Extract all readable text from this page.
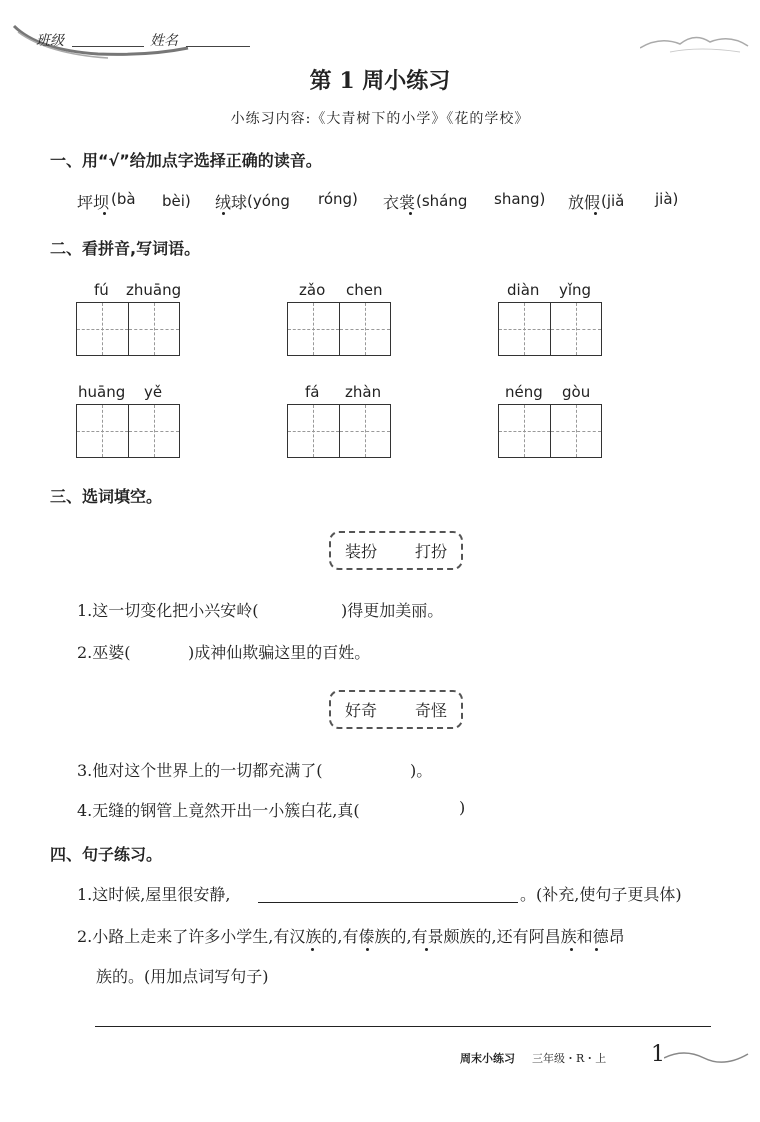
班级	姓名
第 1 周小练习
小练习内容:《大青树下的小学》《花的学校》
一、用“√”给加点字选择正确的读音。
坪坝 (bà bèi) 绒球 (yóng róng) 衣裳 (sháng shang) 放假 (jiǎ jià)
二、看拼音,写词语。
fú zhuāng	zǎo chen	diàn yǐng
huāng yě	fá zhàn	néng gòu
三、选词填空。
装扮 打扮
1.这一切变化把小兴安岭(	)得更加美丽。
2.巫婆(	)成神仙欺骗这里的百姓。
好奇 奇怪
3.他对这个世界上的一切都充满了(	)。
4.无缝的钢管上竟然开出一小簇白花,真(	)
四、句子练习。
1.这时候,屋里很安静,	。(补充,使句子更具体)
2.小路上走来了许多小学生,有汉族的,有傣族的,有景颇族的,还有阿昌族和德昂
族的。(用加点词写句子)
周末小练习 三年级・R・上 1
